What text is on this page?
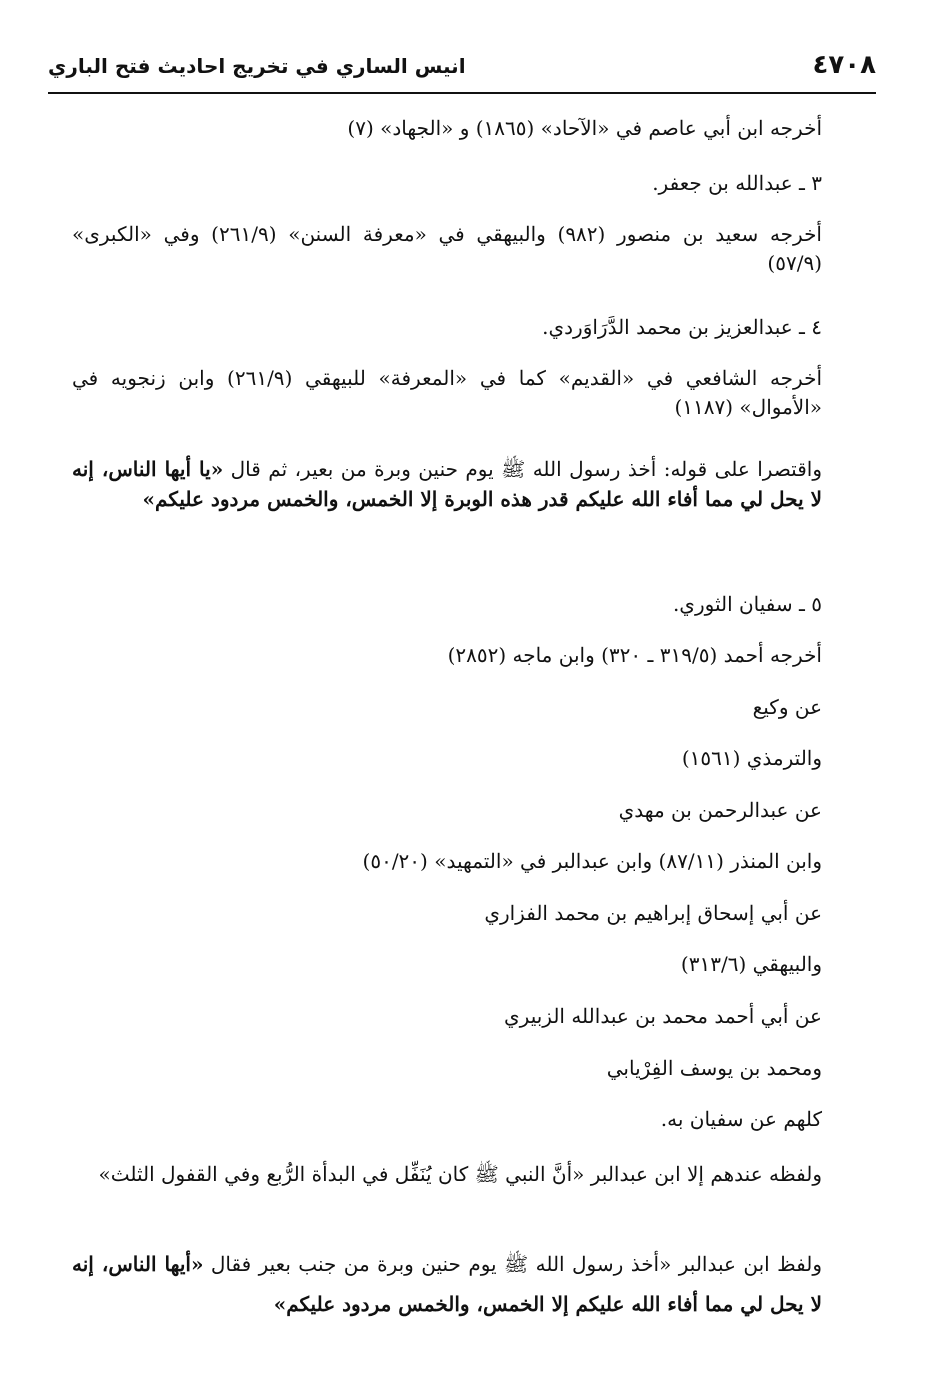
٤٧٠٨
انيس الساري في تخريج احاديث فتح الباري

أخرجه ابن أبي عاصم في «الآحاد» (١٨٦٥) و «الجهاد» (٧)

٣ ـ عبدالله بن جعفر.

أخرجه سعيد بن منصور (٩٨٢) والبيهقي في «معرفة السنن» (٢٦١/٩) وفي «الكبرى» (٥٧/٩)

٤ ـ عبدالعزيز بن محمد الدَّرَاوَردي.

أخرجه الشافعي في «القديم» كما في «المعرفة» للبيهقي (٢٦١/٩) وابن زنجويه في «الأموال» (١١٨٧)

واقتصرا على قوله: أخذ رسول الله ﷺ يوم حنين وبرة من بعير، ثم قال «يا أيها الناس، إنه لا يحل لي مما أفاء الله عليكم قدر هذه الوبرة إلا الخمس، والخمس مردود عليكم»

٥ ـ سفيان الثوري.

أخرجه أحمد (٣١٩/٥ ـ ٣٢٠) وابن ماجه (٢٨٥٢)

عن وكيع

والترمذي (١٥٦١)

عن عبدالرحمن بن مهدي

وابن المنذر (٨٧/١١) وابن عبدالبر في «التمهيد» (٥٠/٢٠)

عن أبي إسحاق إبراهيم بن محمد الفزاري

والبيهقي (٣١٣/٦)

عن أبي أحمد محمد بن عبدالله الزبيري

ومحمد بن يوسف الفِرْيابي

كلهم عن سفيان به.

ولفظه عندهم إلا ابن عبدالبر «أنَّ النبي ﷺ كان يُنَفِّل في البدأة الرُّبع وفي القفول الثلث»

ولفظ ابن عبدالبر «أخذ رسول الله ﷺ يوم حنين وبرة من جنب بعير فقال «أيها الناس، إنه لا يحل لي مما أفاء الله عليكم إلا الخمس، والخمس مردود عليكم»
